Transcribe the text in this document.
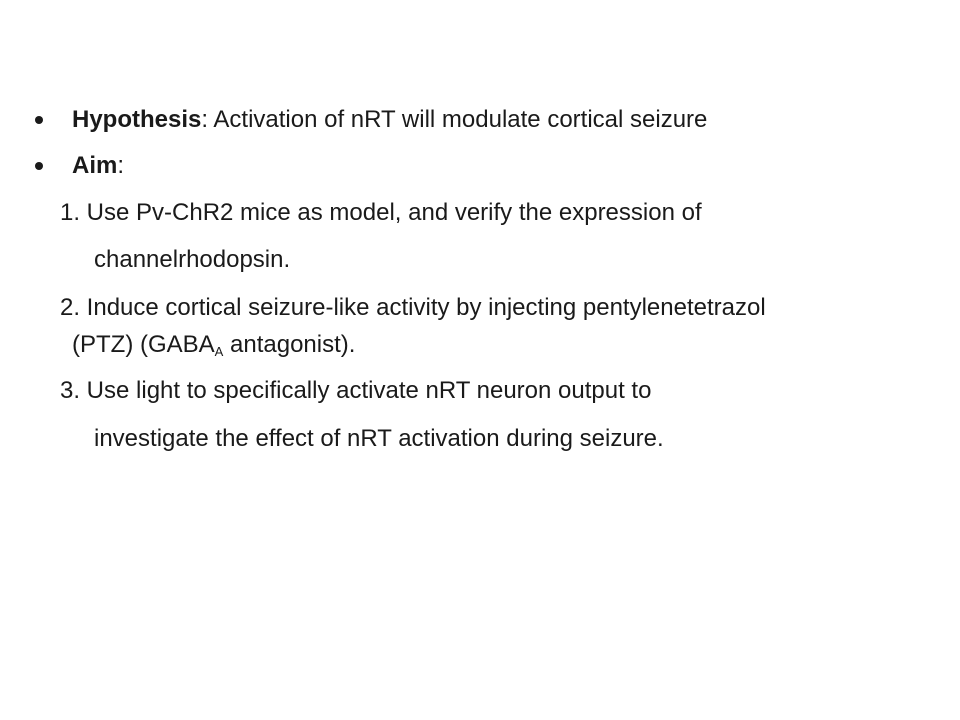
Hypothesis: Activation of nRT will modulate cortical seizure
Aim:
1. Use Pv-ChR2 mice as model, and verify the expression of
channelrhodopsin.
2. Induce cortical seizure-like activity by injecting pentylenetetrazol
(PTZ) ($GABA_A$ antagonist).
3. Use light to specifically activate nRT neuron output to
investigate the effect of nRT activation during seizure.
